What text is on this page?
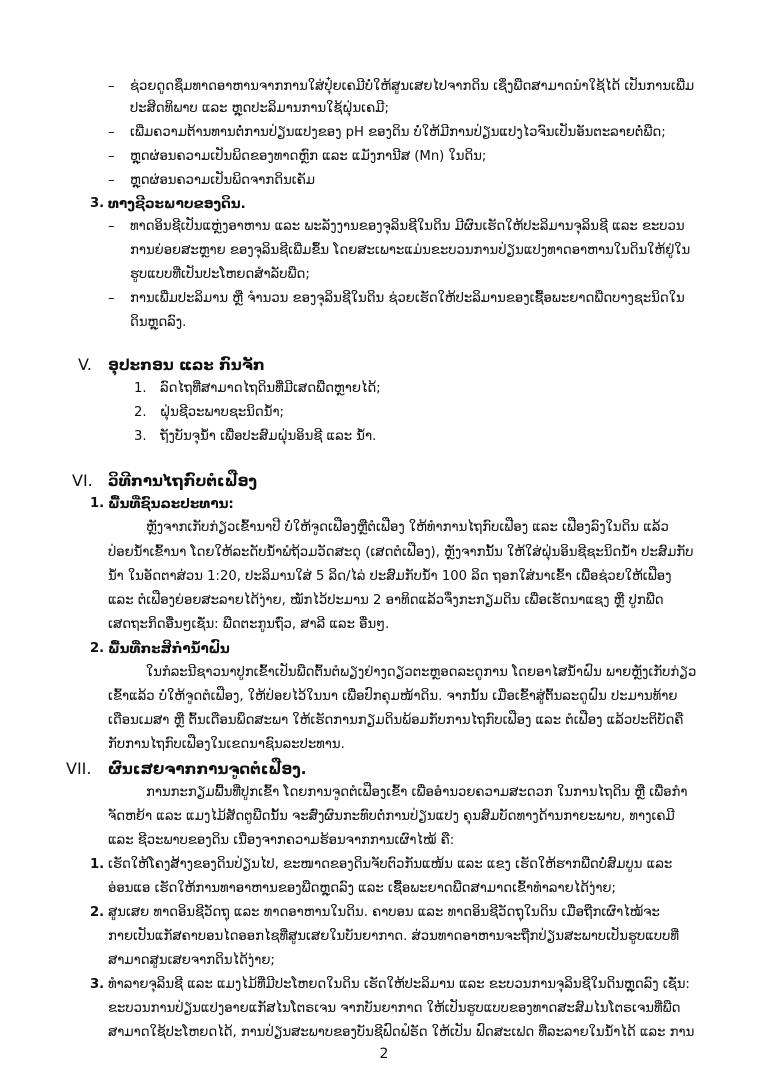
– ຊ່ວຍດູດຊຶມທາດອາຫານຈາກການໃສ່ປຸ໋ຍເຄມີບໍ່ໃຫ້ສູນເສຍໄປຈາກດິນ ເຊິ່ງພືດສາມາດນຳໃຊ້ໄດ້ ເປັນການເພີ່ມ
ປະສິດທິພາບ ແລະ ຫຼຸດປະລິມານການໃຊ້ຝຸ່ນເຄມີ;
– ເພີ່ມຄວາມຕ້ານທານຕໍ່ການປ່ຽນແປງຂອງ pH ຂອງດິນ ບໍ່ໃຫ້ມີການປ່ຽນແປງໄວຈົນເປັນອັນຕະລາຍຕໍ່ພືດ;
– ຫຼຸດຜ່ອນຄວາມເປັນພິດຂອງທາດຫຼົກ ແລະ ແມັງການີສ (Mn) ໃນດິນ;
– ຫຼຸດຜ່ອນຄວາມເປັນພິດຈາກດິນເຄັມ
3. ທາງຊີວະພາບຂອງດິນ.
– ທາດອິນຊີເປັນແຫຼ່ງອາຫານ ແລະ ພະລັງງານຂອງຈຸລິນຊີໃນດິນ ມີຜົນເຮັດໃຫ້ປະລິມານຈຸລິນຊີ ແລະ ຂະບວນ
ການຍ່ອຍສະຫຼາຍ ຂອງຈຸລິນຊີເພີ່ມຂຶ້ນ ໂດຍສະເພາະແມ່ນຂະບວນການປ່ຽນແປງທາດອາຫານໃນດິນໃຫ້ຢູ່ໃນ
ຮູບແບບທີ່ເປັນປະໂຫຍດສຳລັບພືດ;
– ການເພີ່ມປະລິມານ ຫຼື ຈຳນວນ ຂອງຈຸລິນຊີໃນດິນ ຊ່ວຍເຮັດໃຫ້ປະລິມານຂອງເຊື້ອພະຍາດພືດບາງຊະນິດໃນ
ດິນຫຼຸດລົງ.
V. ອຸປະກອນ ແລະ ກົນຈັກ
1. ລົດໄຖທີ່ສາມາດໄຖດິນທີ່ມີເສດພືດຫຼາຍໄດ້;
2. ຝຸ່ນຊີວະພາບຊະນິດນໍ້າ;
3. ຖັງບັນຈຸນໍ້າ ເພື່ອປະສົມຝຸ່ນອິນຊີ ແລະ ນໍ້າ.
VI. ວິທີການໄຖກົບຕໍເຟືອງ
1. ພື້ນທີ່ຊົນລະປະທານ:
ຫຼັງຈາກເກັບກ່ຽວເຂົ້ານາປີ ບໍ່ໃຫ້ຈູດເຟືອງຫຼືຕໍເຟືອງ ໃຫ້ທຳການໄຖກົບເຟືອງ ແລະ ເຟືອງລົງໃນດິນ ແລ້ວ
ປ່ອຍນໍ້າເຂົ້ານາ ໂດຍໃຫ້ລະດັບນໍ້າພໍຖ້ວມວັດສະດຸ (ເສດຕໍເຟືອງ), ຫຼັງຈາກນັ້ນ ໃຫ້ໃສ່ຝຸ່ນອິນຊີຊະນິດນໍ້າ ປະສົມກັບ
ນໍ້າ ໃນອັດຕາສ່ວນ 1:20, ປະລິມານໃສ່ 5 ລິດ/ໄລ່ ປະສົມກັບນໍ້າ 100 ລິດ ຖອກໃສ່ນາເຂົ້າ ເພື່ອຊ່ວຍໃຫ້ເຟືອງ
ແລະ ຕໍເຟືອງຍ່ອຍສະລາຍໄດ້ງ່າຍ, ໝັກໄວ້ປະມານ 2 ອາທິດແລ້ວຈຶ່ງກະກຽມດິນ ເພື່ອເຮັດນາແຊງ ຫຼື ປູກພືດ
ເສດຖະກິດອື່ນໆເຊັ່ນ: ພືດຕະກູນຖົ່ວ, ສາລີ ແລະ ອື່ນໆ.
2. ພື້ນທີ່ກະສິກຳນ້ຳຝົນ
ໃນກໍລະນີຊາວນາປູກເຂົ້າເປັນພືດຕົ້ນຕໍພຽງຢ່າງດຽວຕະຫຼອດລະດູການ ໂດຍອາໄສນໍ້າຝົນ ພາຍຫຼັງເກັບກ່ຽວ
ເຂົ້າແລ້ວ ບໍ່ໃຫ້ຈູດຕໍເຟືອງ, ໃຫ້ປ່ອຍໄວ້ໃນນາ ເພື່ອປົກຄຸມໜ້າດິນ. ຈາກນັ້ນ ເມື່ອເຂົ້າສູ່ຕົ້ນລະດູຝົນ ປະມານທ້າຍ
ເດືອນເມສາ ຫຼື ຕົ້ນເດືອນພຶດສະພາ ໃຫ້ເຮັດການກຽມດິນພ້ອມກັບການໄຖກົບເຟືອງ ແລະ ຕໍເຟືອງ ແລ້ວປະຕິບັດຄື
ກັບການໄຖກົບເຟືອງໃນເຂດນາຊົນລະປະທານ.
VII. ຜົນເສຍຈາກການຈູດຕໍເຟືອງ.
ການກະກຽມພື້ນທີ່ປູກເຂົ້າ ໂດຍການຈູດຕໍເຟືອງເຂົ້າ ເພື່ອອຳນວຍຄວາມສະດວກ ໃນການໄຖດິນ ຫຼື ເພື່ອກຳ
ຈັດຫຍ້າ ແລະ ແມງໄມ້ສັດຕູພືດນັ້ນ ຈະສົ່ງຜົນກະທົບຕໍ່ການປ່ຽນແປງ ຄຸນສົມບັດທາງດ້ານກາຍະພາບ, ທາງເຄມີ
ແລະ ຊີວະພາບຂອງດິນ ເນື່ອງຈາກຄວາມຮ້ອນຈາກການເຜົາໄໝ້ ຄື:
1. ເຮັດໃຫ້ໂຄງສ້າງຂອງດິນປ່ຽນໄປ, ຂະໜາດຂອງດິນຈັບຕົວກັນແໜ້ນ ແລະ ແຂງ ເຮັດໃຫ້ຮາກພືດບໍ່ສົມບູນ ແລະ
ອ່ອນແອ ເຮັດໃຫ້ການທາອາຫານຂອງພືດຫຼຸດລົງ ແລະ ເຊື້ອພະຍາດພືດສາມາດເຂົ້າທຳລາຍໄດ້ງ່າຍ;
2. ສູນເສຍ ທາດອິນຊີວັດຖຸ ແລະ ທາດອາຫານໃນດິນ. ຄາບອນ ແລະ ທາດອິນຊີວັດຖຸໃນດິນ ເມື່ອຖືກເຜົາໄໝ້ຈະ
ກາຍເປັນແກັສຄາບອນໄດອອກໄຊທີ່ສູນເສຍໃນບັນຍາກາດ. ສ່ວນທາດອາຫານຈະຖືກປ່ຽນສະພາບເປັນຮູບແບບທີ່
ສາມາດສູນເສຍຈາກດິນໄດ້ງ່າຍ;
3. ທຳລາຍຈຸລິນຊີ ແລະ ແມງໄມ້ທີ່ມີປະໂຫຍດໃນດິນ ເຮັດໃຫ້ປະລິມານ ແລະ ຂະບວນການຈຸລິນຊີໃນດິນຫຼຸດລົງ ເຊັ່ນ:
ຂະບວນການປ່ຽນແປງອາຍແກັສໄນໂຕຣເຈນ ຈາກບັນຍາກາດ ໃຫ້ເປັນຮູບແບບຂອງທາດສະສົມໄນໂຕຣເຈນທີ່ພືດ
ສາມາດໃຊ້ປະໂຫຍດໄດ້, ການປ່ຽນສະພາບຂອງບັນຊີຟົດຟໍຣັດ ໃຫ້ເປັນ ຟົດສະເຟດ ທີ່ລະລາຍໃນນໍ້າໄດ້ ແລະ ການ
2
